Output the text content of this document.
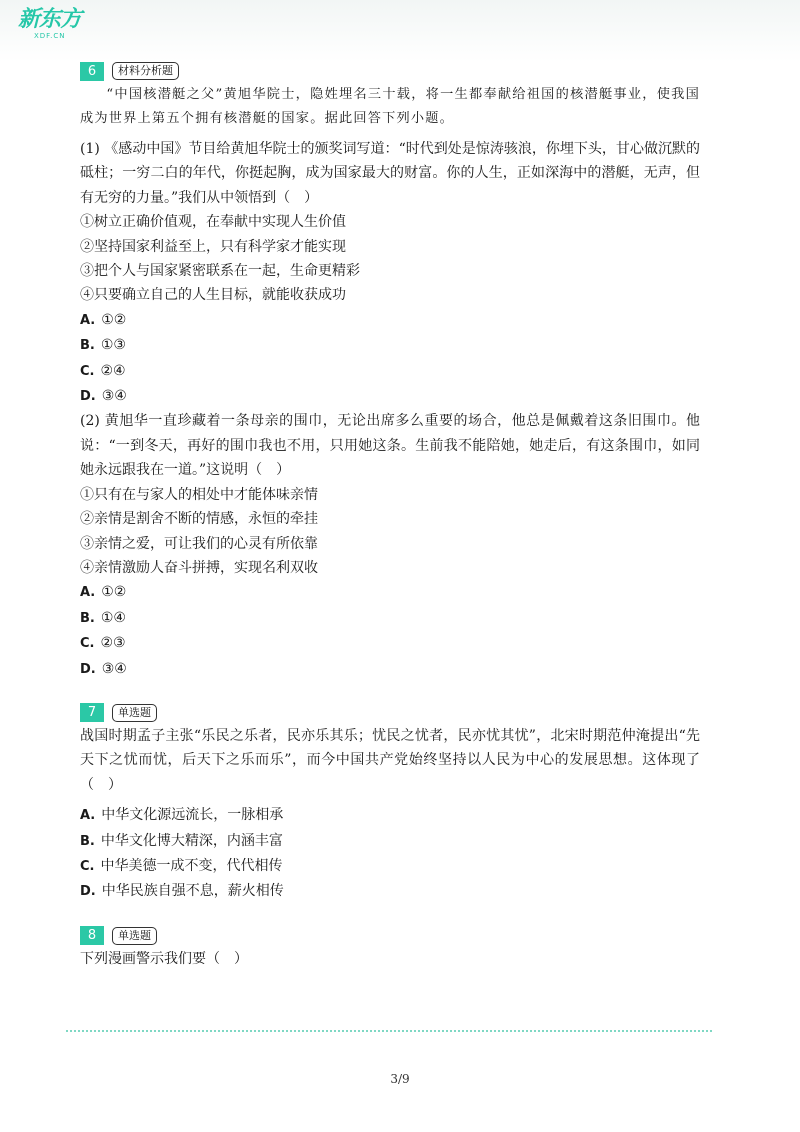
新东方
XDF.CN
6	材料分析题

“中国核潜艇之父”黄旭华院士，隐姓埋名三十载，将一生都奉献给祖国的核潜艇事业，使我国成为世界上第五个拥有核潜艇的国家。据此回答下列小题。

(1) 《感动中国》节目给黄旭华院士的颁奖词写道：“时代到处是惊涛骇浪，你埋下头，甘心做沉默的砥柱；一穷二白的年代，你挺起胸，成为国家最大的财富。你的人生，正如深海中的潜艇，无声，但有无穷的力量。”我们从中领悟到（　）

①树立正确价值观，在奉献中实现人生价值

②坚持国家利益至上，只有科学家才能实现

③把个人与国家紧密联系在一起，生命更精彩

④只要确立自己的人生目标，就能收获成功

A. ①②

B. ①③

C. ②④

D. ③④

(2) 黄旭华一直珍藏着一条母亲的围巾，无论出席多么重要的场合，他总是佩戴着这条旧围巾。他说：“一到冬天，再好的围巾我也不用，只用她这条。生前我不能陪她，她走后，有这条围巾，如同她永远跟我在一道。”这说明（　）

①只有在与家人的相处中才能体味亲情

②亲情是割舍不断的情感，永恒的牵挂

③亲情之爱，可让我们的心灵有所依靠

④亲情激励人奋斗拼搏，实现名利双收

A. ①②

B. ①④

C. ②③

D. ③④

7	单选题

战国时期孟子主张“乐民之乐者，民亦乐其乐；忧民之忧者，民亦忧其忧”，北宋时期范仲淹提出“先天下之忧而忧，后天下之乐而乐”，而今中国共产党始终坚持以人民为中心的发展思想。这体现了（　）

A. 中华文化源远流长，一脉相承

B. 中华文化博大精深，内涵丰富

C. 中华美德一成不变，代代相传

D. 中华民族自强不息，薪火相传

8	单选题

下列漫画警示我们要（　）

3/9
